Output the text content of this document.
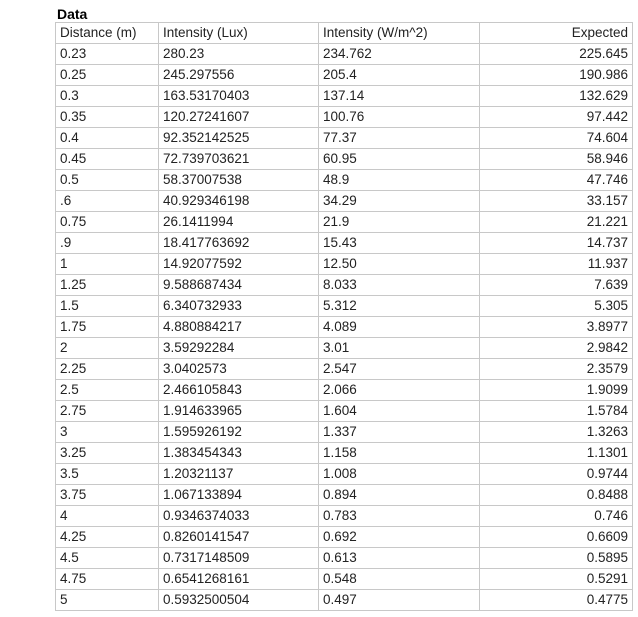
Data
Distance (m)	Intensity (Lux)	Intensity (W/m^2)	Expected
0.23	280.23	234.762	225.645
0.25	245.297556	205.4	190.986
0.3	163.53170403	137.14	132.629
0.35	120.27241607	100.76	97.442
0.4	92.352142525	77.37	74.604
0.45	72.739703621	60.95	58.946
0.5	58.37007538	48.9	47.746
.6	40.929346198	34.29	33.157
0.75	26.1411994	21.9	21.221
.9	18.417763692	15.43	14.737
1	14.92077592	12.50	11.937
1.25	9.588687434	8.033	7.639
1.5	6.340732933	5.312	5.305
1.75	4.880884217	4.089	3.8977
2	3.59292284	3.01	2.9842
2.25	3.0402573	2.547	2.3579
2.5	2.466105843	2.066	1.9099
2.75	1.914633965	1.604	1.5784
3	1.595926192	1.337	1.3263
3.25	1.383454343	1.158	1.1301
3.5	1.20321137	1.008	0.9744
3.75	1.067133894	0.894	0.8488
4	0.9346374033	0.783	0.746
4.25	0.8260141547	0.692	0.6609
4.5	0.7317148509	0.613	0.5895
4.75	0.6541268161	0.548	0.5291
5	0.5932500504	0.497	0.4775
